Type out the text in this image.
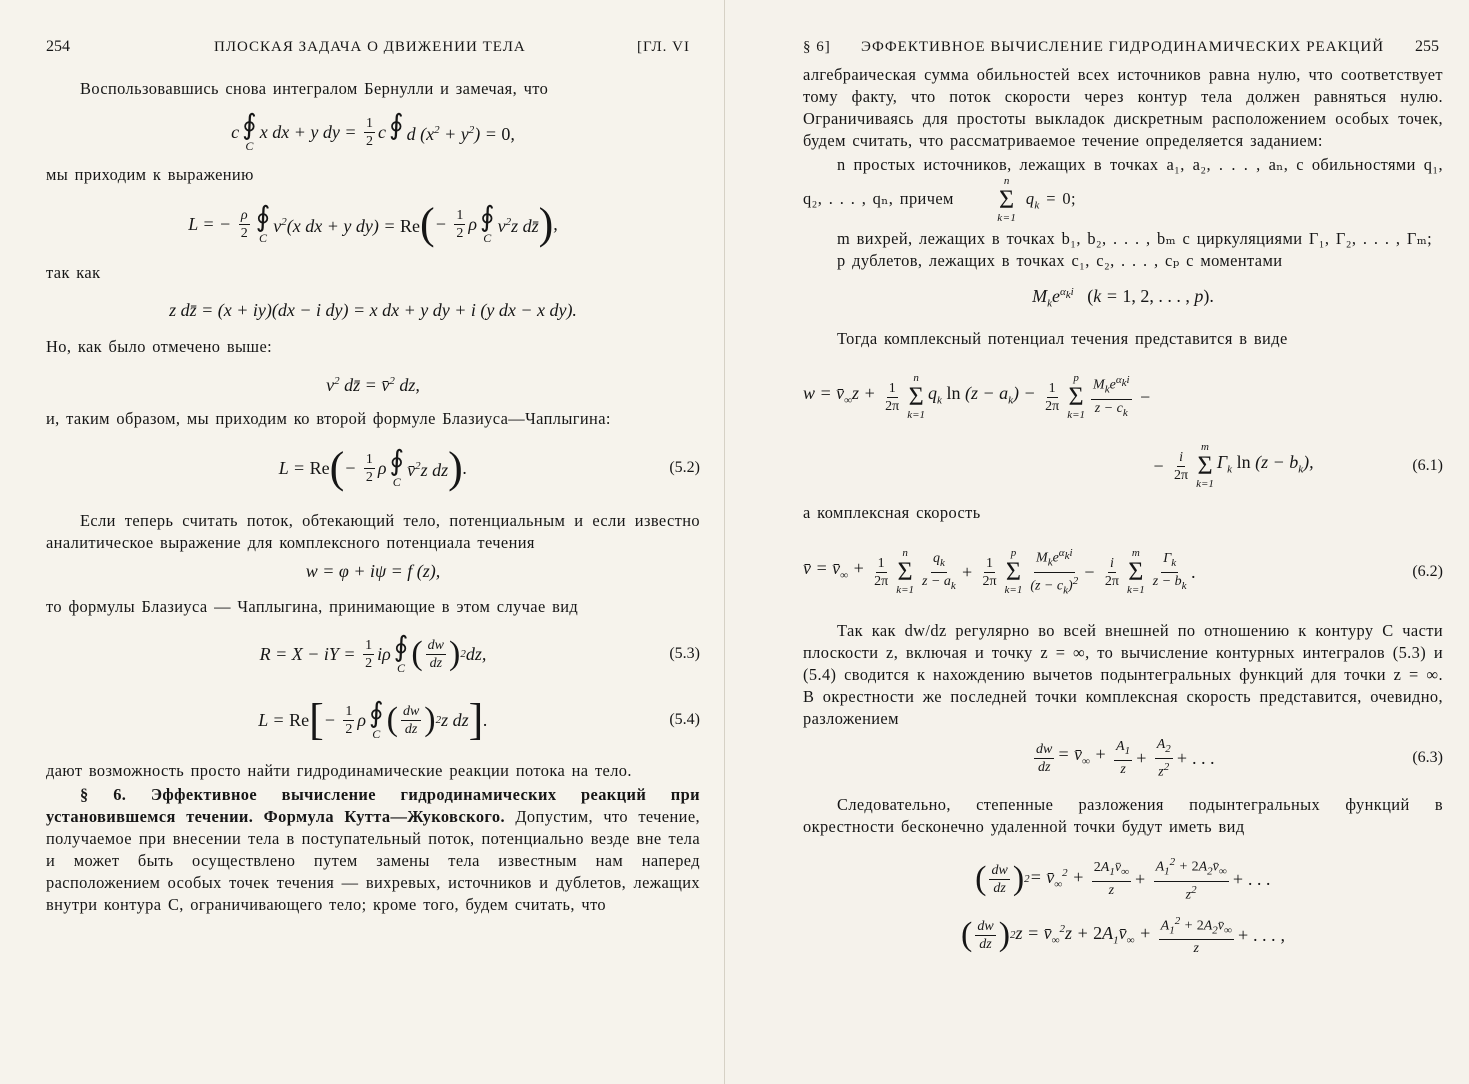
254	ПЛОСКАЯ ЗАДАЧА О ДВИЖЕНИИ ТЕЛА	[ГЛ. VI

Воспользовавшись снова интегралом Бернулли и замечая, что

c ∮
C
x dx + y dy = $\frac{1}{2}$ c ∮
d $(x^2 + y^2) = 0$,

мы приходим к выражению

L = − $\frac{\rho}{2}$ ∮
C
$v^2(x$ dx + y dy) = Re ( − $\frac{1}{2}$ ρ ∮
C
$v^2z$ dz̄ ) ,

так как

z dz̄ = (x + iy)(dx − i dy) = x dx + y dy + i (y dx − x dy).

Но, как было отмечено выше:

$v^2$ dz̄ = v̄$^2$ dz,

и, таким образом, мы приходим ко второй формуле Блазиуса—Чаплыгина:

L = Re ( − $\frac{1}{2}$ ρ ∮
C
v̄$^2$z dz ) .	(5.2)

Если теперь считать поток, обтекающий тело, потенциальным и если известно аналитическое выражение для комплексного потенциала течения

w = φ + iψ = f (z),

то формулы Блазиуса — Чаплыгина, принимающие в этом случае вид

R = X − iY = $\frac{1}{2}$ iρ ∮
C ( $\frac{dw}{dz}$ ) 2 dz,	(5.3)
L = Re [ − $\frac{1}{2}$ ρ ∮
C ( $\frac{dw}{dz}$ ) 2 z dz ] .	(5.4)

дают возможность просто найти гидродинамические реакции потока на тело.

§ 6. Эффективное вычисление гидродинамических реакций при установившемся течении. Формула Кутта—Жуковского. Допустим, что течение, получаемое при внесении тела в поступательный поток, потенциально везде вне тела и может быть осуществлено путем замены тела известным нам наперед расположением особых точек течения — вихревых, источников и дублетов, лежащих внутри контура C, ограничивающего тело; кроме того, будем считать, что

§ 6] ЭФФЕКТИВНОЕ ВЫЧИСЛЕНИЕ ГИДРОДИНАМИЧЕСКИХ РЕАКЦИЙ 255

алгебраическая сумма обильностей всех источников равна нулю, что соответствует тому факту, что поток скорости через контур тела должен равняться нулю. Ограничиваясь для простоты выкладок дискретным расположением особых точек, будем считать, что рассматриваемое течение определяется заданием:

n простых источников, лежащих в точках a₁, a₂, . . . , aₙ, с обильностями q₁, q₂, . . . , qₙ, причем
n
Σ
k=1
$q_k = 0$;

m вихрей, лежащих в точках b₁, b₂, . . . , bₘ с циркуляциями Γ₁, Γ₂, . . . , Γₘ;

p дублетов, лежащих в точках c₁, c₂, . . . , cₚ с моментами

$M_ke^{\alpha_ki}$ (k = 1, 2, . . . , p).

Тогда комплексный потенциал течения представится в виде

$w = v̄_\infty z + \frac{1}{2\pi}$
n
Σ
k=1
$q_k$ $\ln (z - a_k) - \frac{1}{2\pi}$
p
Σ
$k=1 \frac{M_ke^{\alpha_ki}}{z - c_k}$ −
− $\frac{i}{2\pi}$
m
Σ
k=1
$\Gamma_k$ $\ln (z - b_k)$,	(6.1)

а комплексная скорость

v̄ = $v̄_\infty + \frac{1}{2\pi}$
n
Σ
$k=1 \frac{q_k}{z - a_k} + \frac{1}{2\pi}$
p
Σ
$k=1 \frac{M_ke^{\alpha_ki}}{(z - c_k)^2} - \frac{i}{2\pi}$
m
Σ
$k=1 \frac{\Gamma_k}{z - b_k}$ .	(6.2)

Так как dw/dz регулярно во всей внешней по отношению к контуру C части плоскости z, включая и точку z = ∞, то вычисление контурных интегралов (5.3) и (5.4) сводится к нахождению вычетов подынтегральных функций для точки z = ∞. В окрестности же последней точки комплексная скорость представится, очевидно, разложением

$\frac{dw}{dz}$ = $v̄_\infty + \frac{A_1}{z} + \frac{A_2}{z^2}$ + . . .	(6.3)

Следовательно, степенные разложения подынтегральных функций в окрестности бесконечно удаленной точки будут иметь вид

( $\frac{dw}{dz}$ ) $2 = v̄_\infty^2 + \frac{2A_1v̄_\infty}{z} + \frac{A_1^2 + 2A_2v̄_\infty}{z^2}$ + . . .
( $\frac{dw}{dz}$ ) 2 $z = v̄_\infty^2z$ + $2A_1v̄_\infty + \frac{A_1^2 + 2A_2v̄_\infty}{z}$ + . . . ,
